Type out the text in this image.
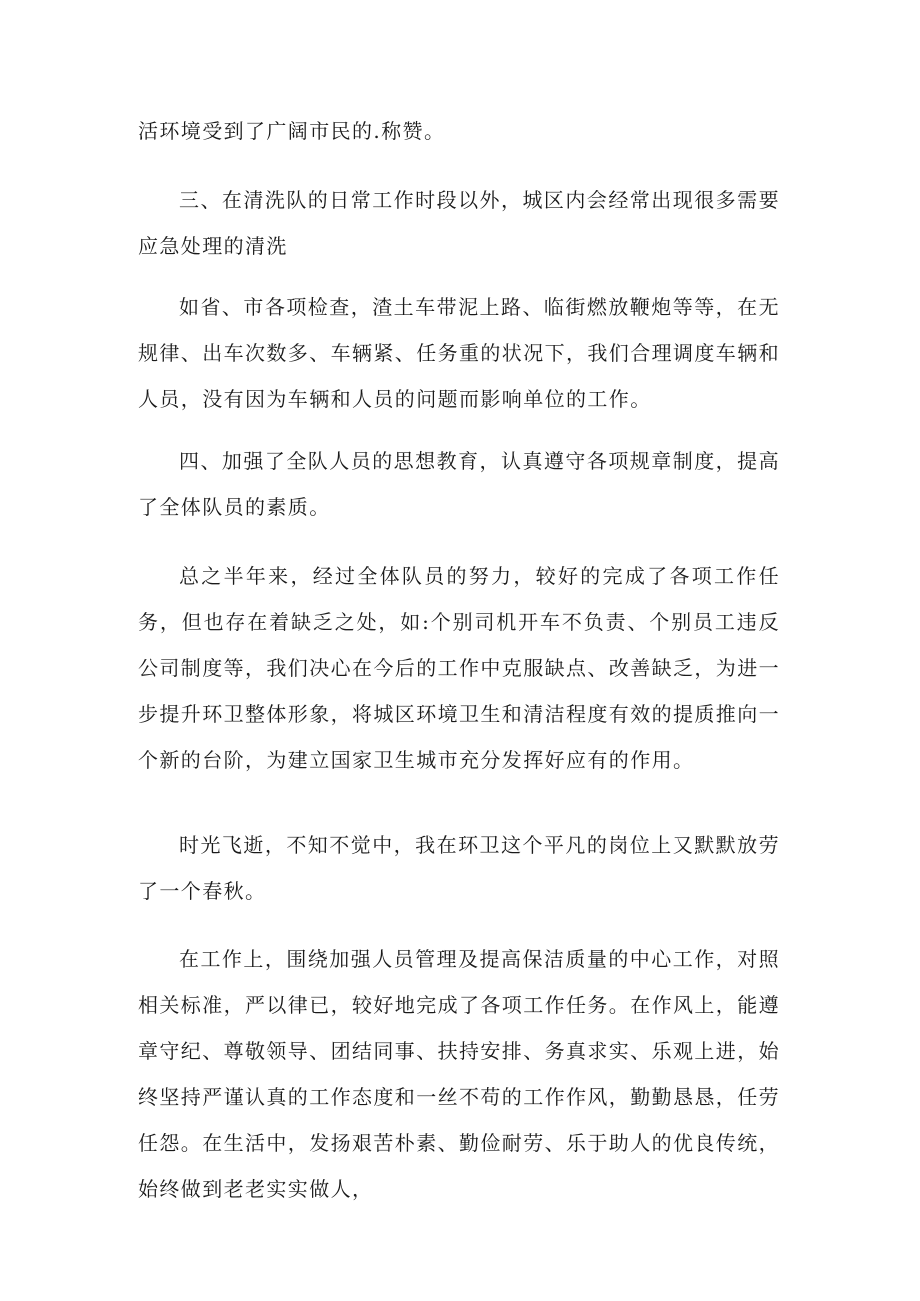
活环境受到了广阔市民的.称赞。
三、在清洗队的日常工作时段以外，城区内会经常出现很多需要应急处理的清洗
如省、市各项检查，渣土车带泥上路、临街燃放鞭炮等等，在无规律、出车次数多、车辆紧、任务重的状况下，我们合理调度车辆和人员，没有因为车辆和人员的问题而影响单位的工作。
四、加强了全队人员的思想教育，认真遵守各项规章制度，提高了全体队员的素质。
总之半年来，经过全体队员的努力，较好的完成了各项工作任务，但也存在着缺乏之处，如:个别司机开车不负责、个别员工违反公司制度等，我们决心在今后的工作中克服缺点、改善缺乏，为进一步提升环卫整体形象，将城区环境卫生和清洁程度有效的提质推向一个新的台阶，为建立国家卫生城市充分发挥好应有的作用。
时光飞逝，不知不觉中，我在环卫这个平凡的岗位上又默默放劳了一个春秋。
在工作上，围绕加强人员管理及提高保洁质量的中心工作，对照相关标准，严以律已，较好地完成了各项工作任务。在作风上，能遵章守纪、尊敬领导、团结同事、扶持安排、务真求实、乐观上进，始终坚持严谨认真的工作态度和一丝不苟的工作作风，勤勤恳恳，任劳任怨。在生活中，发扬艰苦朴素、勤俭耐劳、乐于助人的优良传统，始终做到老老实实做人，
